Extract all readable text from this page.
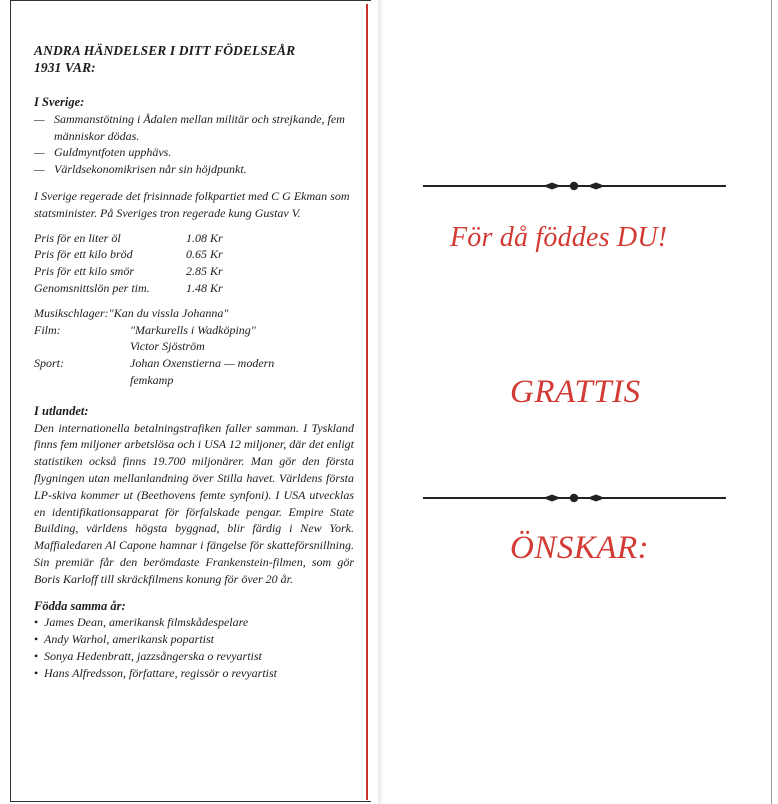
ANDRA HÄNDELSER I DITT FÖDELSEÅR
1931 VAR:
I Sverige:
— Sammanstötning i Ådalen mellan militär och strejkande, fem människor dödas.
— Guldmyntfoten upphävs.
— Världsekonomikrisen når sin höjdpunkt.
I Sverige regerade det frisinnade folkpartiet med C G Ekman som statsminister. På Sveriges tron regerade kung Gustav V.
Pris för en liter öl	1.08 Kr
Pris för ett kilo bröd	0.65 Kr
Pris för ett kilo smör	2.85 Kr
Genomsnittslön per tim.	1.48 Kr
Musikschlager: "Kan du vissla Johanna"
Film:	"Markurells i Wadköping"
Victor Sjöström
Sport:	Johan Oxenstierna — modern
femkamp
I utlandet:
Den internationella betalningstrafiken faller samman. I Tyskland finns fem miljoner arbetslösa och i USA 12 miljoner, där det enligt statistiken också finns 19.700 miljonärer. Man gör den första flygningen utan mellanlandning över Stilla havet. Världens första LP-skiva kommer ut (Beethovens femte synfoni). I USA utvecklas en identifikationsapparat för förfalskade pengar. Empire State Building, världens högsta byggnad, blir färdig i New York. Maffialedaren Al Capone hamnar i fängelse för skatteförsnillning. Sin premiär får den berömdaste Frankenstein-filmen, som gör Boris Karloff till skräckfilmens konung för över 20 år.
Födda samma år:
• James Dean, amerikansk filmskådespelare
• Andy Warhol, amerikansk popartist
• Sonya Hedenbratt, jazzsångerska o revyartist
• Hans Alfredsson, författare, regissör o revyartist
För då föddes DU!
GRATTIS
ÖNSKAR:
